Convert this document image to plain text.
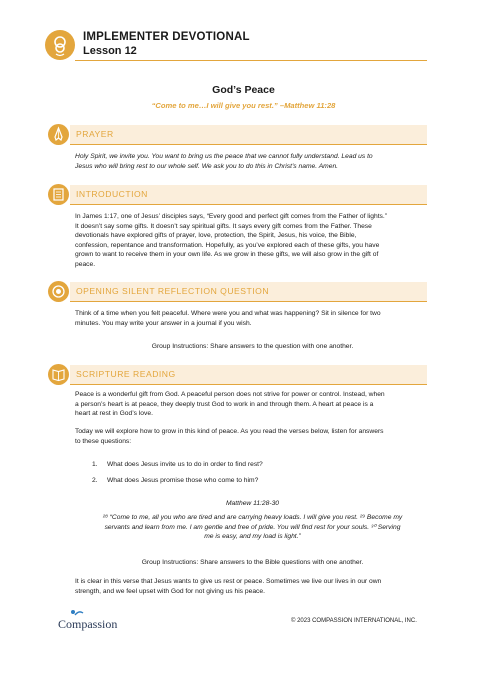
IMPLEMENTER DEVOTIONAL
Lesson 12
God’s Peace
“Come to me…I will give you rest.” –Matthew 11:28
PRAYER
Holy Spirit, we invite you. You want to bring us the peace that we cannot fully understand. Lead us to
Jesus who will bring rest to our whole self. We ask you to do this in Christ’s name. Amen.
INTRODUCTION
In James 1:17, one of Jesus’ disciples says, “Every good and perfect gift comes from the Father of lights.”
It doesn’t say some gifts. It doesn’t say spiritual gifts. It says every gift comes from the Father. These
devotionals have explored gifts of prayer, love, protection, the Spirit, Jesus, his voice, the Bible,
confession, repentance and transformation. Hopefully, as you’ve explored each of these gifts, you have
grown to want to receive them in your own life. As we grow in these gifts, we will also grow in the gift of
peace.
OPENING SILENT REFLECTION QUESTION
Think of a time when you felt peaceful. Where were you and what was happening? Sit in silence for two
minutes. You may write your answer in a journal if you wish.
Group Instructions: Share answers to the question with one another.
SCRIPTURE READING
Peace is a wonderful gift from God. A peaceful person does not strive for power or control. Instead, when
a person’s heart is at peace, they deeply trust God to work in and through them. A heart at peace is a
heart at rest in God’s love.
Today we will explore how to grow in this kind of peace. As you read the verses below, listen for answers
to these questions:
1. What does Jesus invite us to do in order to find rest?
2. What does Jesus promise those who come to him?
Matthew 11:28-30
²⁸ “Come to me, all you who are tired and are carrying heavy loads. I will give you rest. ²⁹ Become my
servants and learn from me. I am gentle and free of pride. You will find rest for your souls. ³⁰ Serving
me is easy, and my load is light.”
Group Instructions: Share answers to the Bible questions with one another.
It is clear in this verse that Jesus wants to give us rest or peace. Sometimes we live our lives in our own
strength, and we feel upset with God for not giving us his peace.
Compassion	© 2023 COMPASSION INTERNATIONAL, INC.
